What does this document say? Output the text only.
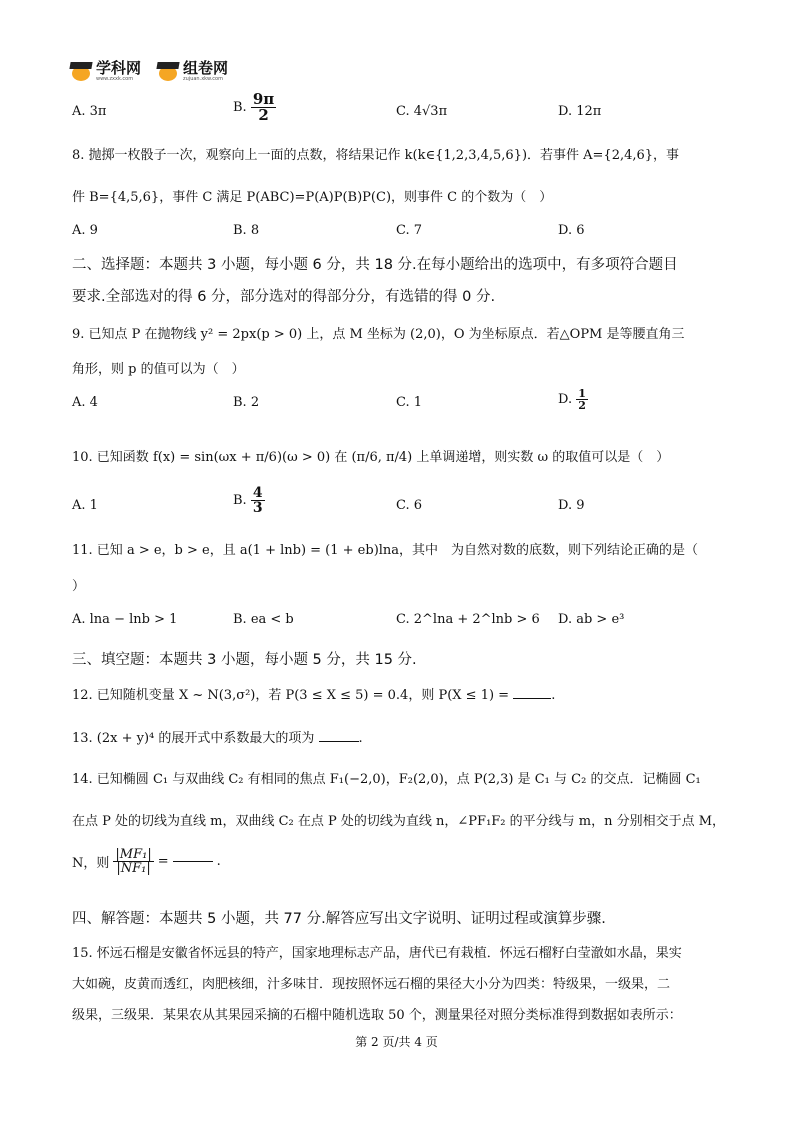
学科网
www.zxxk.com
组卷网
zujuan.xkw.com
A. 3π	B. $\frac{9\pi}{2}$	C. 4√3π	D. 12π
8. 抛掷一枚骰子一次，观察向上一面的点数，将结果记作 k(k∈{1,2,3,4,5,6})．若事件 A={2,4,6}，事
件 B={4,5,6}，事件 C 满足 P(ABC)=P(A)P(B)P(C)，则事件 C 的个数为（　）
A. 9	B. 8	C. 7	D. 6
二、选择题：本题共 3 小题，每小题 6 分，共 18 分.在每小题给出的选项中，有多项符合题目
要求.全部选对的得 6 分，部分选对的得部分分，有选错的得 0 分.
9. 已知点 P 在抛物线 y² = 2px(p > 0) 上，点 M 坐标为 (2,0)，O 为坐标原点．若△OPM 是等腰直角三
角形，则 p 的值可以为（　）
A. 4	B. 2	C. 1	D. $\frac{1}{2}$
10. 已知函数 f(x) = sin(ωx + π/6)(ω > 0) 在 (π/6, π/4) 上单调递增，则实数 ω 的取值可以是（　）
A. 1	B. $\frac{4}{3}$	C. 6	D. 9
11. 已知 a > e，b > e，且 a(1 + lnb) = (1 + eb)lna，其中　为自然对数的底数，则下列结论正确的是（
）
A. lna − lnb > 1	B. ea < b	C. 2^lna + 2^lnb > 6 D. ab > e³
三、填空题：本题共 3 小题，每小题 5 分，共 15 分.
12. 已知随机变量 X ~ N(3,σ²)，若 P(3 ≤ X ≤ 5) = 0.4，则 P(X ≤ 1) =	.
13. (2x + y)⁴ 的展开式中系数最大的项为	.
14. 已知椭圆 C₁ 与双曲线 C₂ 有相同的焦点 F₁(−2,0)，F₂(2,0)，点 P(2,3) 是 C₁ 与 C₂ 的交点．记椭圆 C₁
在点 P 处的切线为直线 m，双曲线 C₂ 在点 P 处的切线为直线 n，∠PF₁F₂ 的平分线与 m，n 分别相交于点 M，
N，则 $\frac{\text{|MF₁|}}{\text{|NF₁|}}$ =	.
四、解答题：本题共 5 小题，共 77 分.解答应写出文字说明、证明过程或演算步骤.
15. 怀远石榴是安徽省怀远县的特产，国家地理标志产品，唐代已有栽植．怀远石榴籽白莹澈如水晶，果实
大如碗，皮黄而透红，肉肥核细，汁多味甘．现按照怀远石榴的果径大小分为四类：特级果，一级果，二
级果，三级果．某果农从其果园采摘的石榴中随机选取 50 个，测量果径对照分类标准得到数据如表所示：
第 2 页/共 4 页
